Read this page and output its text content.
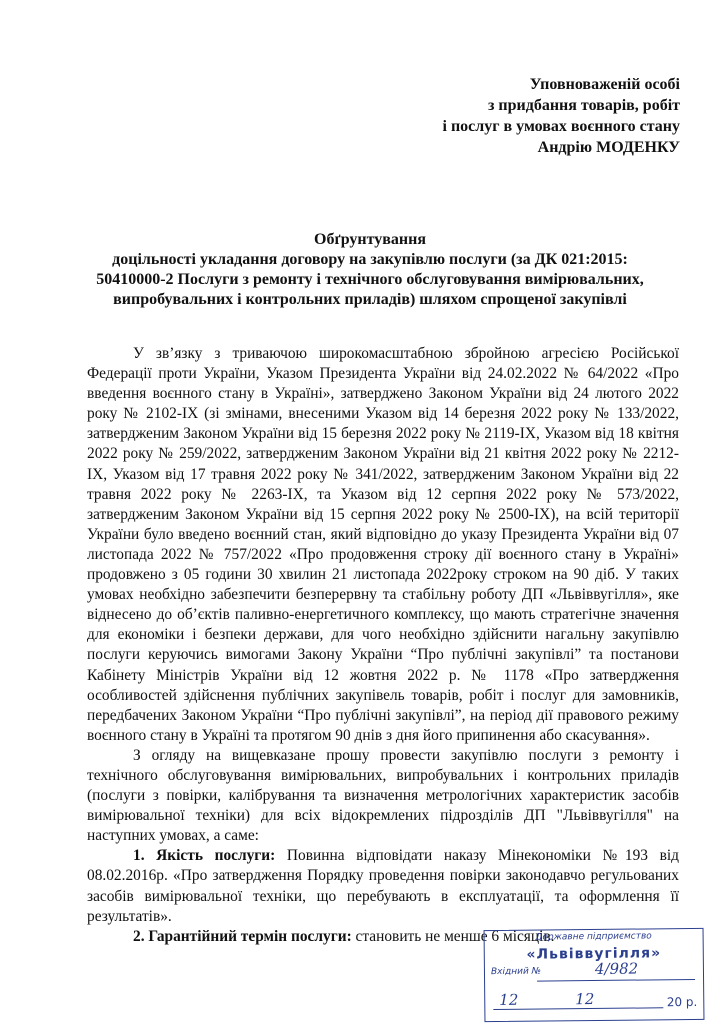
Уповноваженій особі
з придбання товарів, робіт
і послуг в умовах воєнного стану
Андрію МОДЕНКУ
Обґрунтування
доцільності укладання договору на закупівлю послуги (за ДК 021:2015:
50410000-2 Послуги з ремонту і технічного обслуговування вимірювальних,
випробувальних і контрольних приладів) шляхом спрощеної закупівлі

У зв’язку з триваючою широкомасштабною збройною агресією Російської Федерації проти України, Указом Президента України від 24.02.2022 № 64/2022 «Про введення воєнного стану в Україні», затверджено Законом України від 24 лютого 2022 року № 2102-IX (зі змінами, внесеними Указом від 14 березня 2022 року № 133/2022, затвердженим Законом України від 15 березня 2022 року № 2119-IX, Указом від 18 квітня 2022 року № 259/2022, затвердженим Законом України від 21 квітня 2022 року № 2212-IX, Указом від 17 травня 2022 року № 341/2022, затвердженим Законом України від 22 травня 2022 року № 2263-IX, та Указом від 12 серпня 2022 року № 573/2022, затвердженим Законом України від 15 серпня 2022 року № 2500-IX), на всій території України було введено воєнний стан, який відповідно до указу Президента України від 07 листопада 2022 № 757/2022 «Про продовження строку дії воєнного стану в Україні» продовжено з 05 години 30 хвилин 21 листопада 2022року строком на 90 діб. У таких умовах необхідно забезпечити безперервну та стабільну роботу ДП «Львіввугілля», яке віднесено до об’єктів паливно-енергетичного комплексу, що мають стратегічне значення для економіки і безпеки держави, для чого необхідно здійснити нагальну закупівлю послуги керуючись вимогами Закону України “Про публічні закупівлі” та постанови Кабінету Міністрів України від 12 жовтня 2022 р. № 1178 «Про затвердження особливостей здійснення публічних закупівель товарів, робіт і послуг для замовників, передбачених Законом України “Про публічні закупівлі”, на період дії правового режиму воєнного стану в Україні та протягом 90 днів з дня його припинення або скасування».

З огляду на вищевказане прошу провести закупівлю послуги з ремонту і технічного обслуговування вимірювальних, випробувальних і контрольних приладів (послуги з повірки, калібрування та визначення метрологічних характеристик засобів вимірювальної техніки) для всіх відокремлених підрозділів ДП "Львіввугілля" на наступних умовах, а саме:

1. Якість послуги: Повинна відповідати наказу Мінекономіки №193 від 08.02.2016р. «Про затвердження Порядку проведення повірки законодавчо регульованих засобів вимірювальної техніки, що перебувають в експлуатації, та оформлення її результатів».

2. Гарантійний термін послуги: становить не менше 6 місяців.

Державне підприємство
«Львіввугілля»
Вхідний №	4/982
12	12	20 р.
